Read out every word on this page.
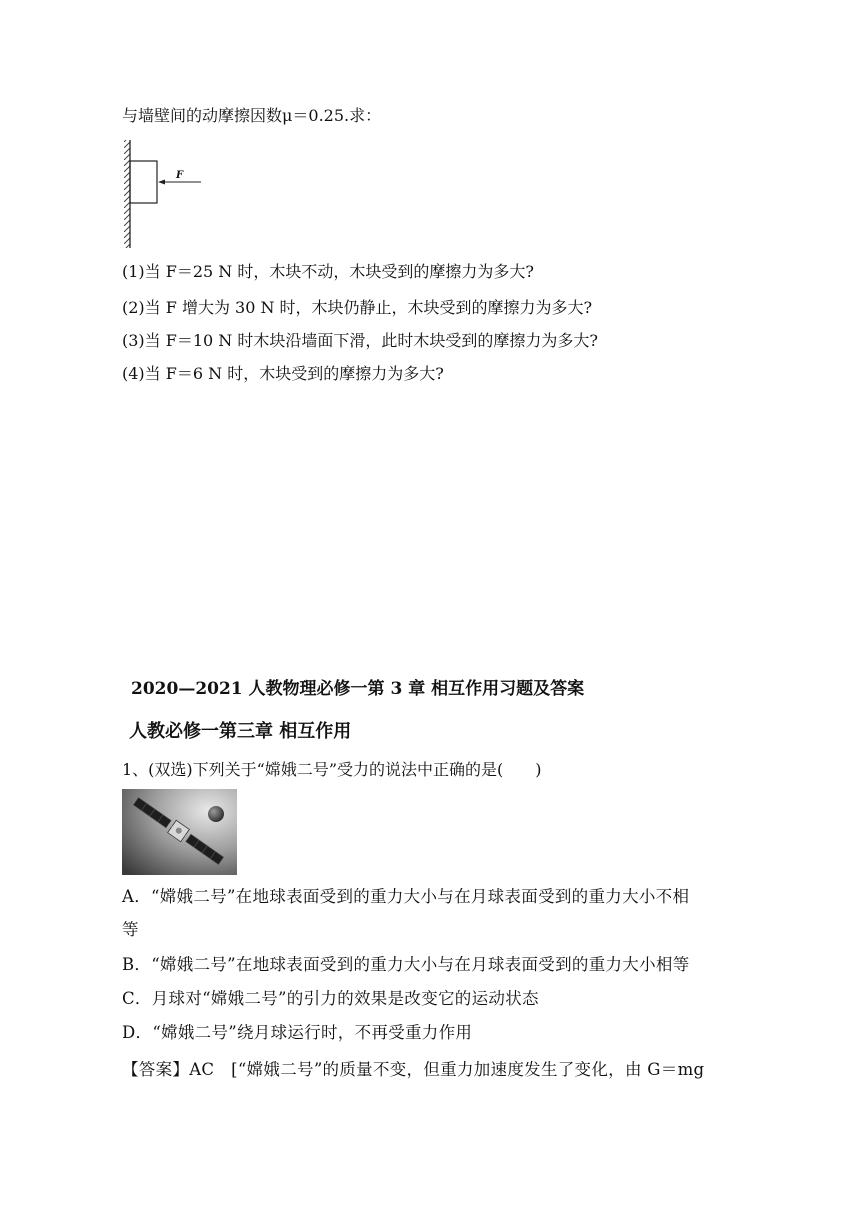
与墙壁间的动摩擦因数μ＝0.25.求：
F
(1)当 F＝25 N 时，木块不动，木块受到的摩擦力为多大?
(2)当 F 增大为 30 N 时，木块仍静止，木块受到的摩擦力为多大?
(3)当 F＝10 N 时木块沿墙面下滑，此时木块受到的摩擦力为多大?
(4)当 F＝6 N 时，木块受到的摩擦力为多大?
2020—2021 人教物理必修一第 3 章 相互作用习题及答案
人教必修一第三章 相互作用
1、(双选)下列关于“嫦娥二号”受力的说法中正确的是(　　)
A．“嫦娥二号”在地球表面受到的重力大小与在月球表面受到的重力大小不相
等
B．“嫦娥二号”在地球表面受到的重力大小与在月球表面受到的重力大小相等
C．月球对“嫦娥二号”的引力的效果是改变它的运动状态
D．“嫦娥二号”绕月球运行时，不再受重力作用
【答案】AC　[“嫦娥二号”的质量不变，但重力加速度发生了变化，由 G＝mg
